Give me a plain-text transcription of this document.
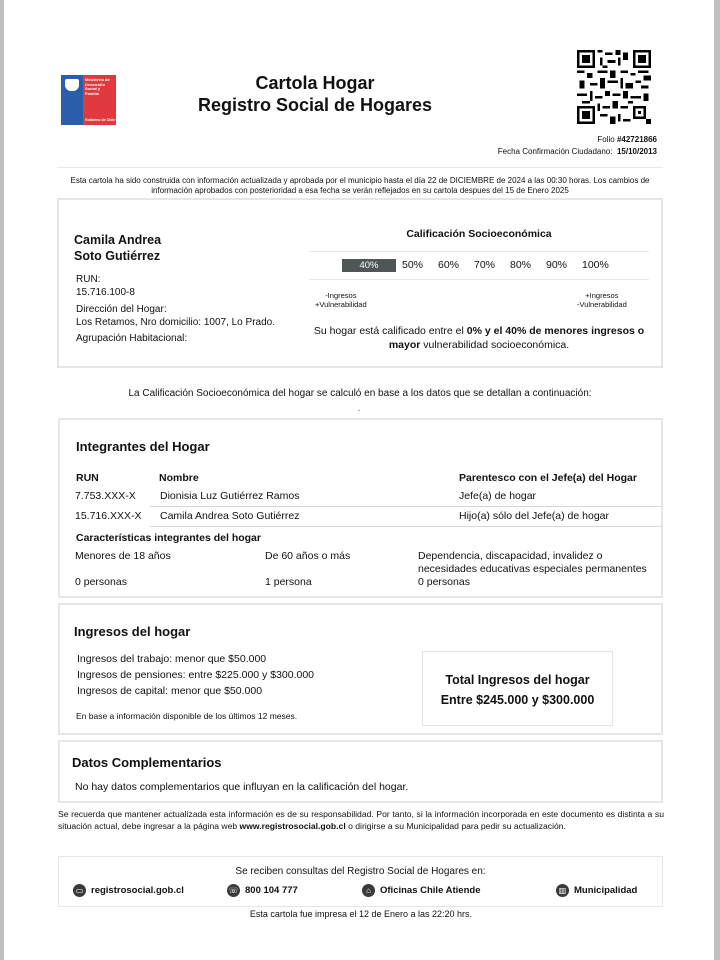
Ministerio de
Desarrollo
Social y
Familia
Gobierno de Chile
Cartola Hogar
Registro Social de Hogares
Folio #42721866
Fecha Confirmación Ciudadano: 15/10/2013
Esta cartola ha sido construida con información actualizada y aprobada por el municipio hasta el día 22 de DICIEMBRE de 2024 a las 00:30 horas. Los cambios de información aprobados con posterioridad a esa fecha se verán reflejados en su cartola despues del 15 de Enero 2025
Camila Andrea
Soto Gutiérrez
RUN:
15.716.100-8
Dirección del Hogar:
Los Retamos, Nro domicilio: 1007, Lo Prado.
Agrupación Habitacional:
Calificación Socioeconómica
40%	50%	60%	70%	80%	90%	100%
-Ingresos
+Vulnerabilidad
+Ingresos
-Vulnerabilidad
Su hogar está calificado entre el 0% y el 40% de menores ingresos o mayor vulnerabilidad socioeconómica.
La Calificación Socioeconómica del hogar se calculó en base a los datos que se detallan a continuación:
.
Integrantes del Hogar
RUN	Nombre	Parentesco con el Jefe(a) del Hogar
7.753.XXX-X Dionisia Luz Gutiérrez Ramos	Jefe(a) de hogar
15.716.XXX-X Camila Andrea Soto Gutiérrez	Hijo(a) sólo del Jefe(a) de hogar
Características integrantes del hogar
Menores de 18 años	De 60 años o más	Dependencia, discapacidad, invalidez o necesidades educativas especiales permanentes
0 personas	1 persona	0 personas
Ingresos del hogar
Ingresos del trabajo: menor que $50.000
Ingresos de pensiones: entre $225.000 y $300.000
Ingresos de capital: menor que $50.000
En base a información disponible de los últimos 12 meses.
Total Ingresos del hogar
Entre $245.000 y $300.000
Datos Complementarios
No hay datos complementarios que influyan en la calificación del hogar.
Se recuerda que mantener actualizada esta información es de su responsabilidad. Por tanto, si la información incorporada en este documento es distinta a su situación actual, debe ingresar a la página web www.registrosocial.gob.cl o dirigirse a su Municipalidad para pedir su actualización.
Se reciben consultas del Registro Social de Hogares en:
▭ registrosocial.gob.cl	☏ 800 104 777	⌂ Oficinas Chile Atiende	▥ Municipalidad
Esta cartola fue impresa el 12 de Enero a las 22:20 hrs.
